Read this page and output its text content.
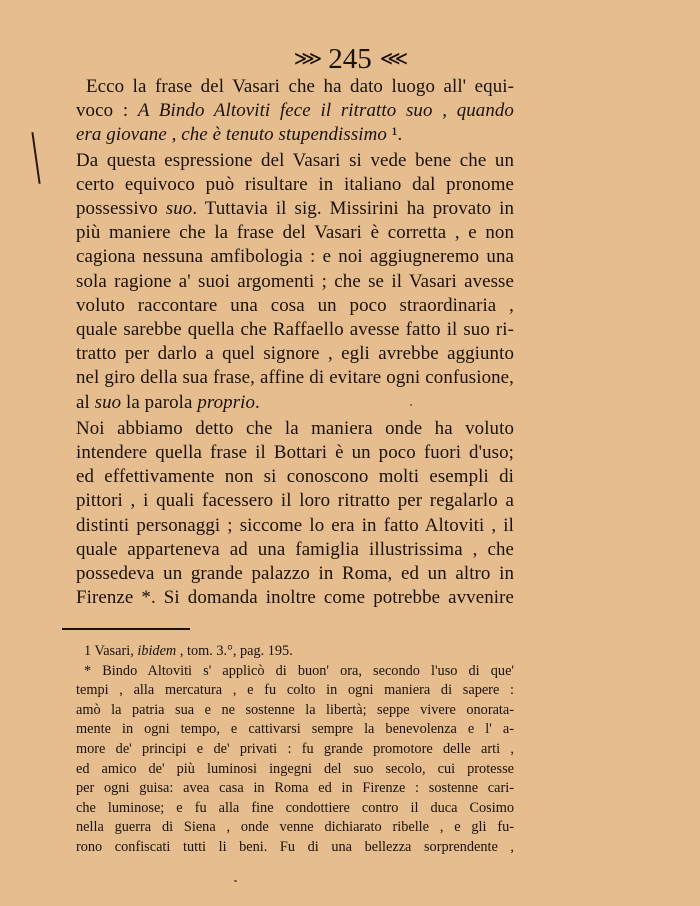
⋙ 245 ⋘

Ecco la frase del Vasari che ha dato luogo all' equi-

voco : A Bindo Altoviti fece il ritratto suo , quando

era giovane , che è tenuto stupendissimo ¹.

Da questa espressione del Vasari si vede bene che un

certo equivoco può risultare in italiano dal pronome

possessivo suo. Tuttavia il sig. Missirini ha provato in

più maniere che la frase del Vasari è corretta , e non

cagiona nessuna amfibologia : e noi aggiugneremo una

sola ragione a' suoi argomenti ; che se il Vasari avesse

voluto raccontare una cosa un poco straordinaria ,

quale sarebbe quella che Raffaello avesse fatto il suo ri-

tratto per darlo a quel signore , egli avrebbe aggiunto

nel giro della sua frase, affine di evitare ogni confusione,

al suo la parola proprio.

Noi abbiamo detto che la maniera onde ha voluto

intendere quella frase il Bottari è un poco fuori d'uso;

ed effettivamente non si conoscono molti esempli di

pittori , i quali facessero il loro ritratto per regalarlo a

distinti personaggi ; siccome lo era in fatto Altoviti , il

quale apparteneva ad una famiglia illustrissima , che

possedeva un grande palazzo in Roma, ed un altro in

Firenze *. Si domanda inoltre come potrebbe avvenire

1 Vasari, ibidem , tom. 3.°, pag. 195.

* Bindo Altoviti s' applicò di buon' ora, secondo l'uso di que'

tempi , alla mercatura , e fu colto in ogni maniera di sapere :

amò la patria sua e ne sostenne la libertà; seppe vivere onorata-

mente in ogni tempo, e cattivarsi sempre la benevolenza e l' a-

more de' principi e de' privati : fu grande promotore delle arti ,

ed amico de' più luminosi ingegni del suo secolo, cui protesse

per ogni guisa: avea casa in Roma ed in Firenze : sostenne cari-

che luminose; e fu alla fine condottiere contro il duca Cosimo

nella guerra di Siena , onde venne dichiarato ribelle , e gli fu-

rono confiscati tutti li beni. Fu di una bellezza sorprendente ,
